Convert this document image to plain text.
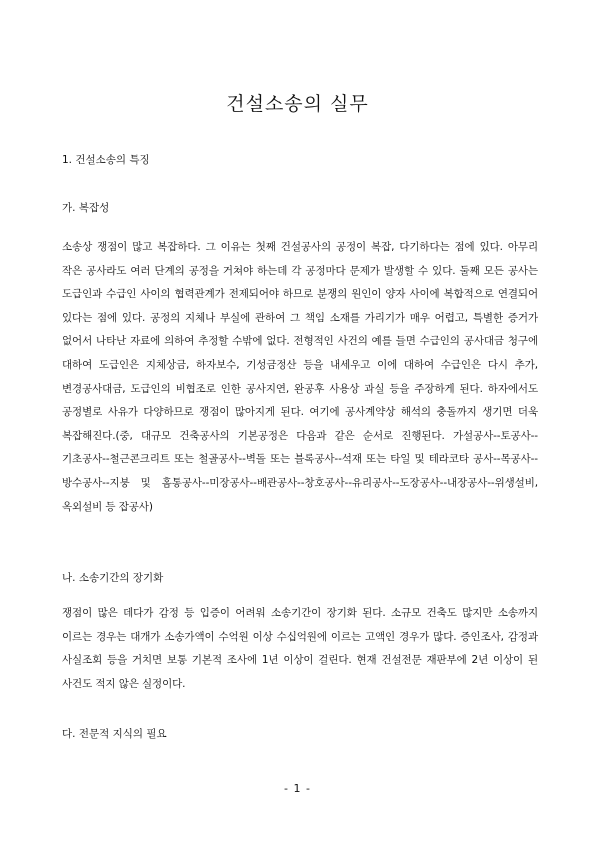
건설소송의 실무
1. 건설소송의 특징
가. 복잡성
소송상 쟁점이 많고 복잡하다. 그 이유는 첫째 건설공사의 공정이 복잡, 다기하다는 점에 있다. 아무리 작은 공사라도 여러 단계의 공정을 거쳐야 하는데 각 공정마다 문제가 발생할 수 있다. 둘째 모든 공사는 도급인과 수급인 사이의 협력관계가 전제되어야 하므로 분쟁의 원인이 양자 사이에 복합적으로 연결되어 있다는 점에 있다. 공정의 지체나 부실에 관하여 그 책임 소재를 가리기가 매우 어렵고, 특별한 증거가 없어서 나타난 자료에 의하여 추정할 수밖에 없다. 전형적인 사건의 예를 들면 수급인의 공사대금 청구에 대하여 도급인은 지체상금, 하자보수, 기성금정산 등을 내세우고 이에 대하여 수급인은 다시 추가, 변경공사대금, 도급인의 비협조로 인한 공사지연, 완공후 사용상 과실 등을 주장하게 된다. 하자에서도 공정별로 사유가 다양하므로 쟁점이 많아지게 된다. 여기에 공사계약상 해석의 충돌까지 생기면 더욱 복잡해진다.(중, 대규모 건축공사의 기본공정은 다음과 같은 순서로 진행된다. 가설공사--토공사--기초공사--철근콘크리트 또는 철골공사--벽돌 또는 블록공사--석재 또는 타일 및 테라코타 공사--목공사--방수공사--지붕 및 홈통공사--미장공사--배관공사--창호공사--유리공사--도장공사--내장공사--위생설비, 옥외설비 등 잡공사)
나. 소송기간의 장기화
쟁점이 많은 데다가 감정 등 입증이 어려워 소송기간이 장기화 된다. 소규모 건축도 많지만 소송까지 이르는 경우는 대개가 소송가액이 수억원 이상 수십억원에 이르는 고액인 경우가 많다. 증인조사, 감정과 사실조회 등을 거치면 보통 기본적 조사에 1년 이상이 걸린다. 현재 건설전문 재판부에 2년 이상이 된 사건도 적지 않은 실정이다.
다. 전문적 지식의 필요
- 1 -
